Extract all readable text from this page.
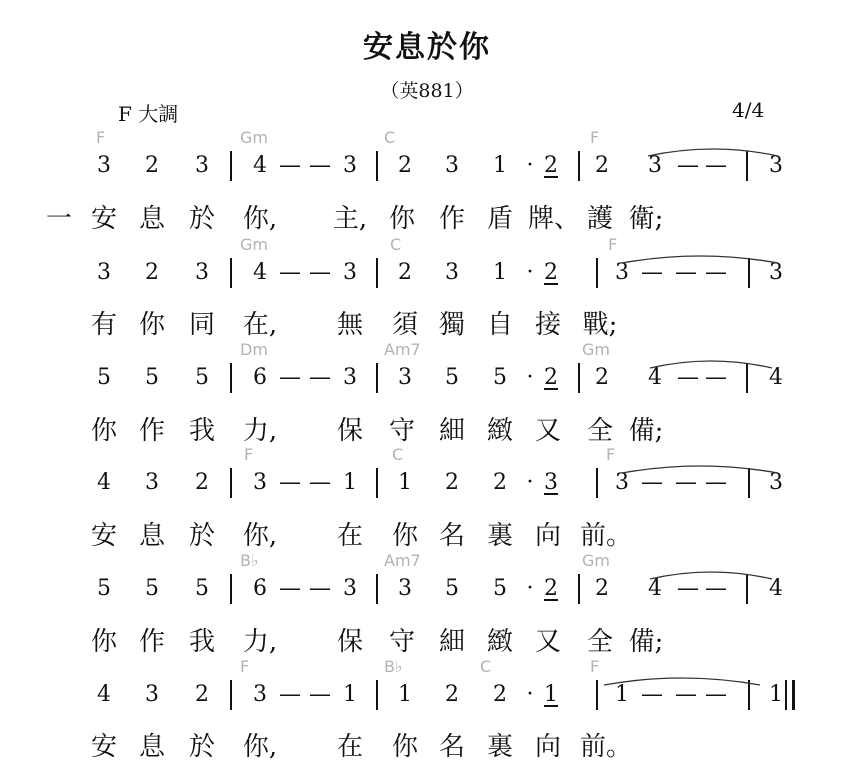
安息於你
（英881）
F 大調	4/4
一
F	Gm	C	F
3 2 3 4 — — 3 2 3 1 · 2 2 3 — — 3
安 息 於 你, 主, 你 作 盾 牌、 護 衛;
Gm	C	F
3 2 3 4 — — 3 2 3 1 · 2	3 — — — 3
有 你 同 在, 無 須 獨 自 接 戰;
Dm	Am7	Gm
5 5 5 6 — — 3 3 5 5 · 2 2 4 — — 4
你 作 我 力, 保 守 細 緻 又 全 備;
F	C	F
4 3 2 3 — — 1 1 2 2 · 3	3 — — — 3
安 息 於 你, 在 你 名 裏 向 前。
B♭	Am7	Gm
5 5 5 6 — — 3 3 5 5 · 2 2 4 — — 4
你 作 我 力, 保 守 細 緻 又 全 備;
F	B♭	C	F
4 3 2 3 — — 1 1 2 2 · 1	1 — — — 1
安 息 於 你, 在 你 名 裏 向 前。
